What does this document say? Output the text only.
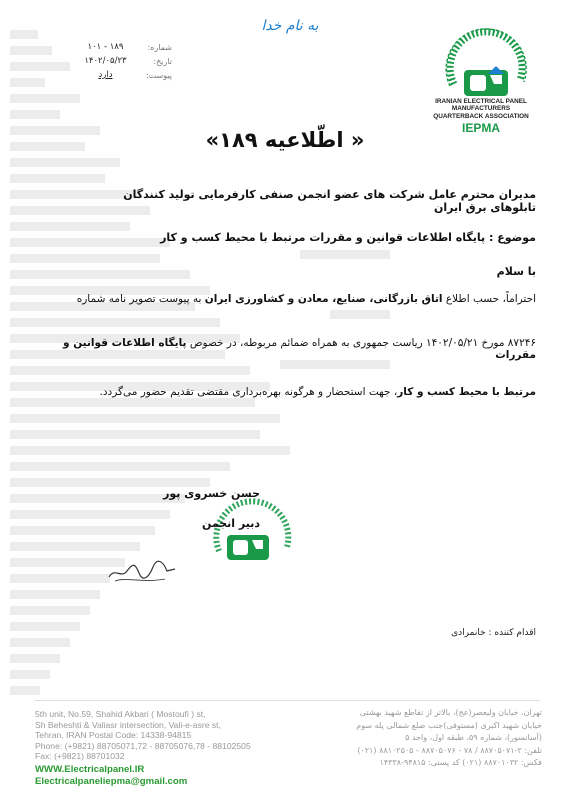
به نام خدا
شماره:
تاریخ:
پیوست:
۱۸۹ - ۱۰۱
۱۴۰۲/۰۵/۲۳
دارد
IRANIAN ELECTRICAL PANEL
MANUFACTURERS
QUARTERBACK ASSOCIATION
IEPMA
« اطّلاعیه ۱۸۹»
مدیران محترم عامل شرکت های عضو انجمن صنفی کارفرمایی تولید کنندگان تابلوهای برق ایران
موضوع : پایگاه اطلاعات قوانین و مقررات مرتبط با محیط کسب و کار
با سلام
احتراماً، حسب اطلاع اتاق بازرگانی، صنایع، معادن و کشاورزی ایران به پیوست تصویر نامه شماره
۸۷۲۴۶ مورخ ۱۴۰۲/۰۵/۲۱ ریاست جمهوری به همراه ضمائم مربوطه، در خصوص پایگاه اطلاعات قوانین و مقررات
مرتبط با محیط کسب و کار، جهت استحضار و هرگونه بهره‌برداری مقتضی تقدیم حضور می‌گردد.
حسن خسروی پور
دبیر انجمن
اقدام کننده : خانمرادی
5th unit, No.59, Shahid Akbari ( Mostoufi ) st,
Sh Beheshti & Valiasr intersection, Vali-e-asre st,
Tehran, IRAN Postal Code: 14338-94815
Phone: (+9821) 88705071,72 - 88705076,78 - 88102505
Fax: (+9821) 88701032
WWW.Electricalpanel.IR
Electricalpaneliepma@gmail.com
تهران، خیابان ولیعصر(عج)، بالاتر از تقاطع شهید بهشتی
خیابان شهید اکبری (مستوفی)جنب ضلع شمالی پله سوم
(آسانسور)، شماره ۵۹، طبقه اول، واحد ۵
تلفن: ۲-۸۸۷۰۵۰۷۱ / ۷۸ - ۸۸۷۰۵۰۷۶ - ۸۸۱۰۲۵۰۵ (۰۲۱)
فکس: ۸۸۷۰۱۰۳۲ (۰۲۱) کد پستی: ۹۴۸۱۵-۱۴۳۳۸
